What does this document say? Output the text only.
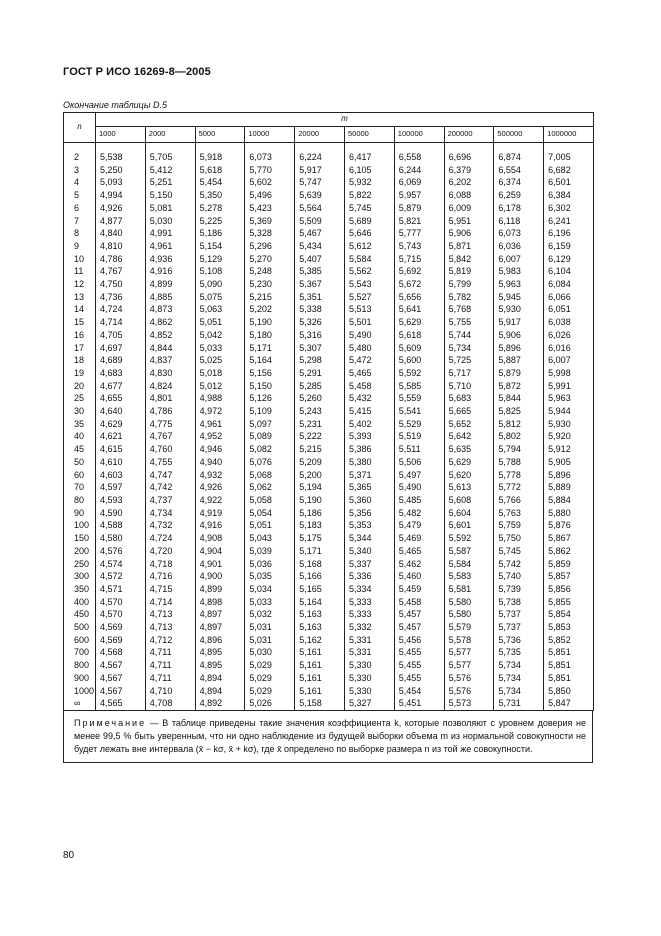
ГОСТ Р ИСО 16269-8—2005
Окончание таблицы D.5
n	m									
	1000	2000	5000	10000	20000	50000	100000	200000	500000	1000000
2	5,538	5,705	5,918	6,073	6,224	6,417	6,558	6,696	6,874	7,005
3	5,250	5,412	5,618	5,770	5,917	6,105	6,244	6,379	6,554	6,682
4	5,093	5,251	5,454	5,602	5,747	5,932	6,069	6,202	6,374	6,501
5	4,994	5,150	5,350	5,496	5,639	5,822	5,957	6,088	6,259	6,384
6	4,926	5,081	5,278	5,423	5,564	5,745	5,879	6,009	6,178	6,302
7	4,877	5,030	5,225	5,369	5,509	5,689	5,821	5,951	6,118	6,241
8	4,840	4,991	5,186	5,328	5,467	5,646	5,777	5,906	6,073	6,196
9	4,810	4,961	5,154	5,296	5,434	5,612	5,743	5,871	6,036	6,159
10	4,786	4,936	5,129	5,270	5,407	5,584	5,715	5,842	6,007	6,129
11	4,767	4,916	5,108	5,248	5,385	5,562	5,692	5,819	5,983	6,104
12	4,750	4,899	5,090	5,230	5,367	5,543	5,672	5,799	5,963	6,084
13	4,736	4,885	5,075	5,215	5,351	5,527	5,656	5,782	5,945	6,066
14	4,724	4,873	5,063	5,202	5,338	5,513	5,641	5,768	5,930	6,051
15	4,714	4,862	5,051	5,190	5,326	5,501	5,629	5,755	5,917	6,038
16	4,705	4,852	5,042	5,180	5,316	5,490	5,618	5,744	5,906	6,026
17	4,697	4,844	5,033	5,171	5,307	5,480	5,609	5,734	5,896	6,016
18	4,689	4,837	5,025	5,164	5,298	5,472	5,600	5,725	5,887	6,007
19	4,683	4,830	5,018	5,156	5,291	5,465	5,592	5,717	5,879	5,998
20	4,677	4,824	5,012	5,150	5,285	5,458	5,585	5,710	5,872	5,991
25	4,655	4,801	4,988	5,126	5,260	5,432	5,559	5,683	5,844	5,963
30	4,640	4,786	4,972	5,109	5,243	5,415	5,541	5,665	5,825	5,944
35	4,629	4,775	4,961	5,097	5,231	5,402	5,529	5,652	5,812	5,930
40	4,621	4,767	4,952	5,089	5,222	5,393	5,519	5,642	5,802	5,920
45	4,615	4,760	4,946	5,082	5,215	5,386	5,511	5,635	5,794	5,912
50	4,610	4,755	4,940	5,076	5,209	5,380	5,506	5,629	5,788	5,905
60	4,603	4,747	4,932	5,068	5,200	5,371	5,497	5,620	5,778	5,896
70	4,597	4,742	4,926	5,062	5,194	5,365	5,490	5,613	5,772	5,889
80	4,593	4,737	4,922	5,058	5,190	5,360	5,485	5,608	5,766	5,884
90	4,590	4,734	4,919	5,054	5,186	5,356	5,482	5,604	5,763	5,880
100	4,588	4,732	4,916	5,051	5,183	5,353	5,479	5,601	5,759	5,876
150	4,580	4,724	4,908	5,043	5,175	5,344	5,469	5,592	5,750	5,867
200	4,576	4,720	4,904	5,039	5,171	5,340	5,465	5,587	5,745	5,862
250	4,574	4,718	4,901	5,036	5,168	5,337	5,462	5,584	5,742	5,859
300	4,572	4,716	4,900	5,035	5,166	5,336	5,460	5,583	5,740	5,857
350	4,571	4,715	4,899	5,034	5,165	5,334	5,459	5,581	5,739	5,856
400	4,570	4,714	4,898	5,033	5,164	5,333	5,458	5,580	5,738	5,855
450	4,570	4,713	4,897	5,032	5,163	5,333	5,457	5,580	5,737	5,854
500	4,569	4,713	4,897	5,031	5,163	5,332	5,457	5,579	5,737	5,853
600	4,569	4,712	4,896	5,031	5,162	5,331	5,456	5,578	5,736	5,852
700	4,568	4,711	4,895	5,030	5,161	5,331	5,455	5,577	5,735	5,851
800	4,567	4,711	4,895	5,029	5,161	5,330	5,455	5,577	5,734	5,851
900	4,567	4,711	4,894	5,029	5,161	5,330	5,455	5,576	5,734	5,851
1000	4,567	4,710	4,894	5,029	5,161	5,330	5,454	5,576	5,734	5,850
∞	4,565	4,708	4,892	5,026	5,158	5,327	5,451	5,573	5,731	5,847
Примечание — В таблице приведены такие значения коэффициента k, которые позволяют с уровнем доверия не менее 99,5 % быть уверенным, что ни одно наблюдение из будущей выборки объема m из нормальной совокупности не будет лежать вне интервала (x̄ − kσ, x̄ + kσ), где x̄ определено по выборке размера n из той же совокупности.
80
